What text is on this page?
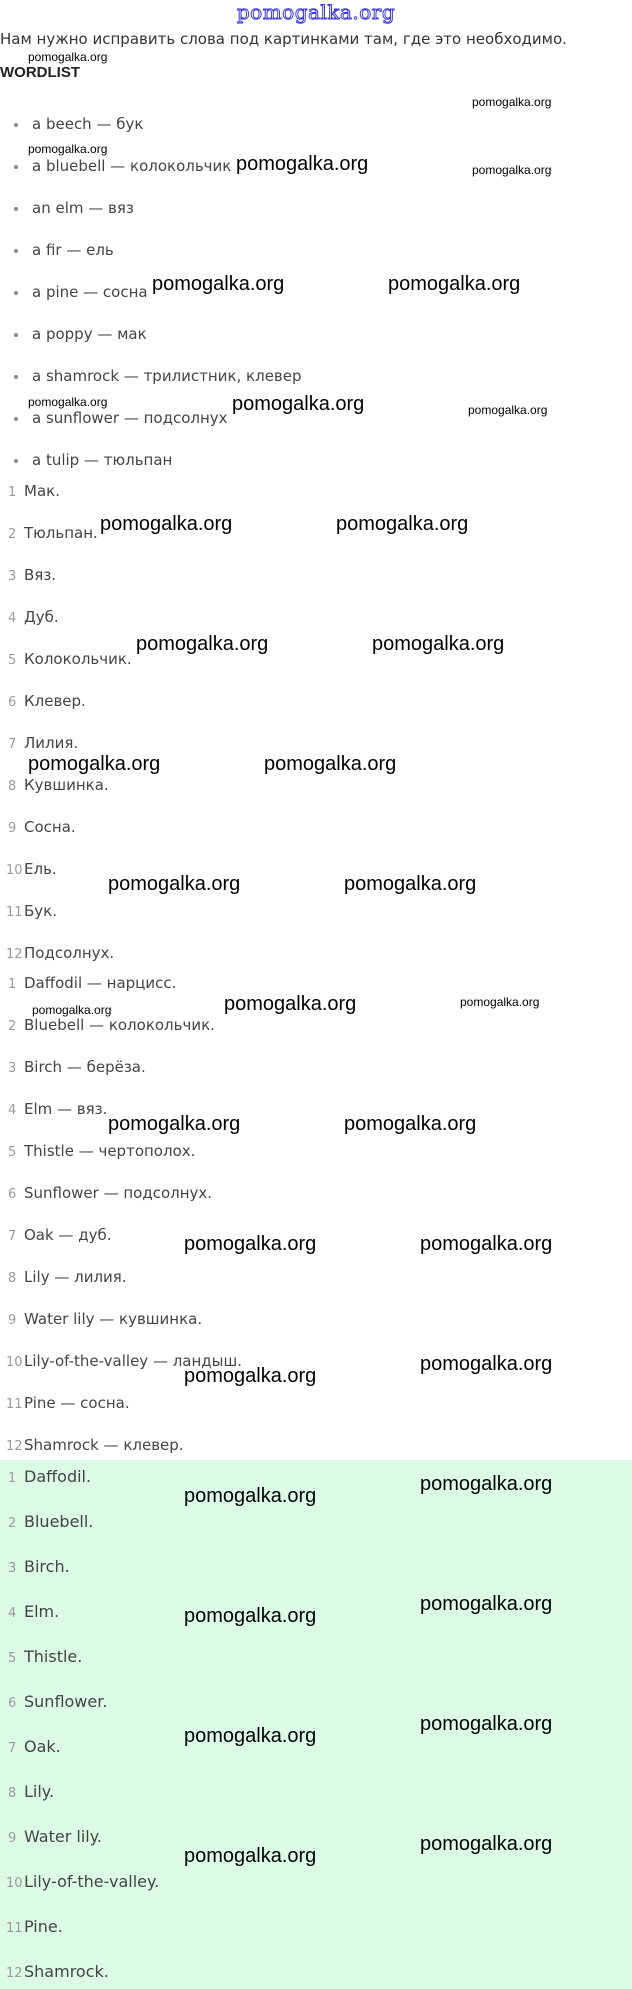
pomogalka.org
Нам нужно исправить слова под картинками там, где это необходимо.
WORDLIST
a beech — бук
a bluebell — колокольчик
an elm — вяз
a fir — ель
a pine — сосна
a poppy — мак
a shamrock — трилистник, клевер
a sunflower — подсолнух
a tulip — тюльпан
1 Мак.
2 Тюльпан.
3 Вяз.
4 Дуб.
5 Колокольчик.
6 Клевер.
7 Лилия.
8 Кувшинка.
9 Сосна.
10Ель.
11Бук.
12Подсолнух.
1 Daffodil — нарцисс.
2 Bluebell — колокольчик.
3 Birch — берёза.
4 Elm — вяз.
5 Thistle — чертополох.
6 Sunflower — подсолнух.
7 Oak — дуб.
8 Lily — лилия.
9 Water lily — кувшинка.
10Lily-of-the-valley — ландыш.
11Pine — сосна.
12Shamrock — клевер.
1 Daffodil.
2 Bluebell.
3 Birch.
4 Elm.
5 Thistle.
6 Sunflower.
7 Oak.
8 Lily.
9 Water lily.
10Lily-of-the-valley.
11Pine.
12Shamrock.
pomogalka.org
pomogalka.org
pomogalka.org
pomogalka.org	pomogalka.org
pomogalka.org	pomogalka.org
pomogalka.org	pomogalka.org	pomogalka.org
pomogalka.org	pomogalka.org
pomogalka.org	pomogalka.org
pomogalka.org	pomogalka.org
pomogalka.org	pomogalka.org
pomogalka.org	pomogalka.org	pomogalka.org
pomogalka.org	pomogalka.org
pomogalka.org	pomogalka.org
pomogalka.org
pomogalka.org
pomogalka.org
pomogalka.org
pomogalka.org
pomogalka.org
pomogalka.org
pomogalka.org
pomogalka.org
pomogalka.org
